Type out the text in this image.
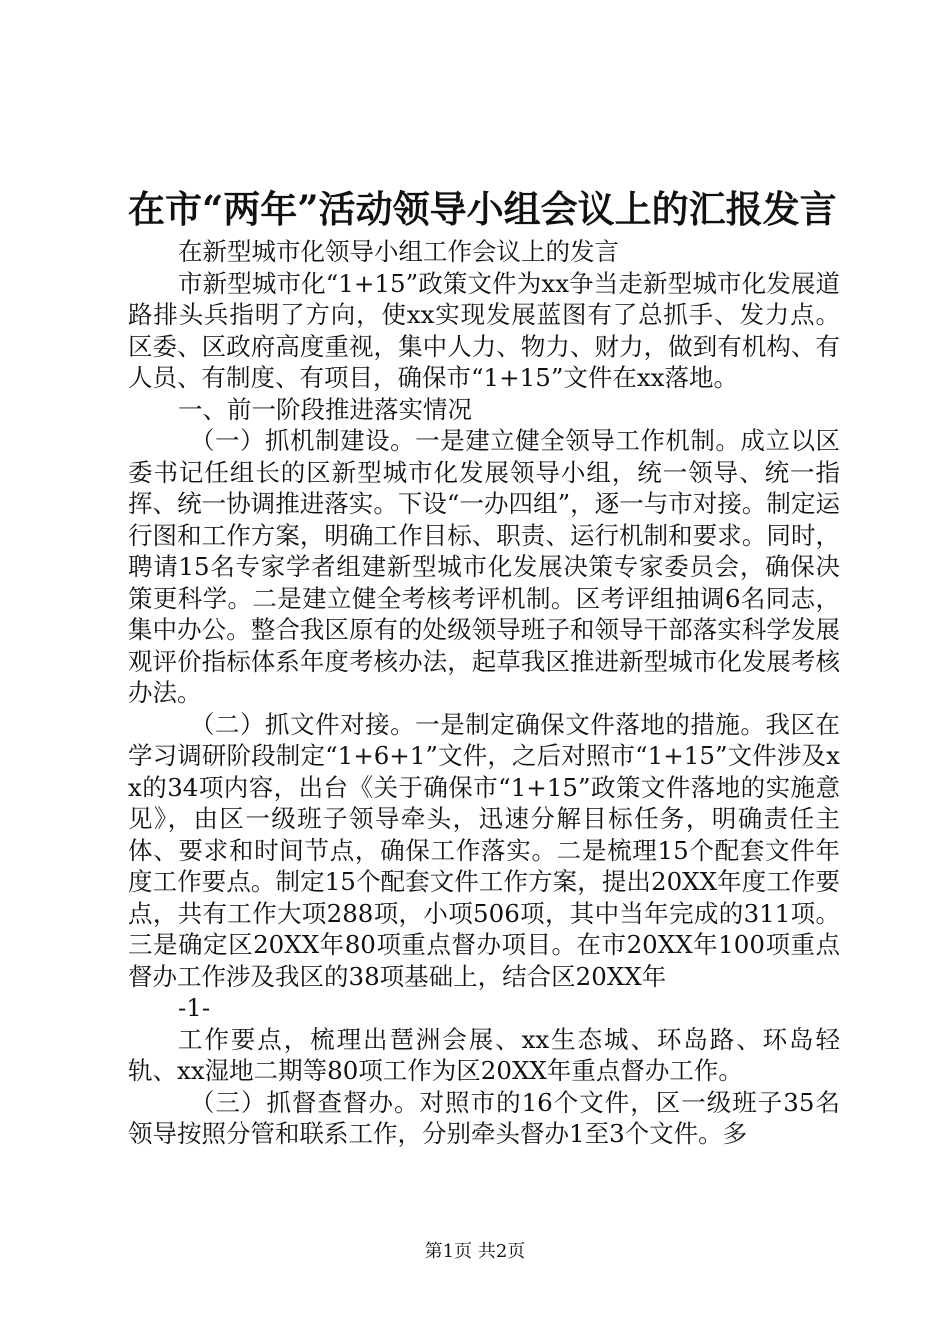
在市“两年”活动领导小组会议上的汇报发言

在新型城市化领导小组工作会议上的发言

市新型城市化“1+15”政策文件为xx争当走新型城市化发展道路排头兵指明了方向，使xx实现发展蓝图有了总抓手、发力点。区委、区政府高度重视，集中人力、物力、财力，做到有机构、有人员、有制度、有项目，确保市“1+15”文件在xx落地。

一、前一阶段推进落实情况

（一）抓机制建设。一是建立健全领导工作机制。成立以区委书记任组长的区新型城市化发展领导小组，统一领导、统一指挥、统一协调推进落实。下设“一办四组”，逐一与市对接。制定运行图和工作方案，明确工作目标、职责、运行机制和要求。同时，聘请15名专家学者组建新型城市化发展决策专家委员会，确保决策更科学。二是建立健全考核考评机制。区考评组抽调6名同志，集中办公。整合我区原有的处级领导班子和领导干部落实科学发展观评价指标体系年度考核办法，起草我区推进新型城市化发展考核办法。

（二）抓文件对接。一是制定确保文件落地的措施。我区在学习调研阶段制定“1+6+1”文件，之后对照市“1+15”文件涉及xx的34项内容，出台《关于确保市“1+15”政策文件落地的实施意见》，由区一级班子领导牵头，迅速分解目标任务，明确责任主体、要求和时间节点，确保工作落实。二是梳理15个配套文件年度工作要点。制定15个配套文件工作方案，提出20XX年度工作要点，共有工作大项288项，小项506项，其中当年完成的311项。三是确定区20XX年80项重点督办项目。在市20XX年100项重点督办工作涉及我区的38项基础上，结合区20XX年

-1-

工作要点，梳理出琶洲会展、xx生态城、环岛路、环岛轻轨、xx湿地二期等80项工作为区20XX年重点督办工作。

（三）抓督查督办。对照市的16个文件，区一级班子35名领导按照分管和联系工作，分别牵头督办1至3个文件。多

第1页 共2页
